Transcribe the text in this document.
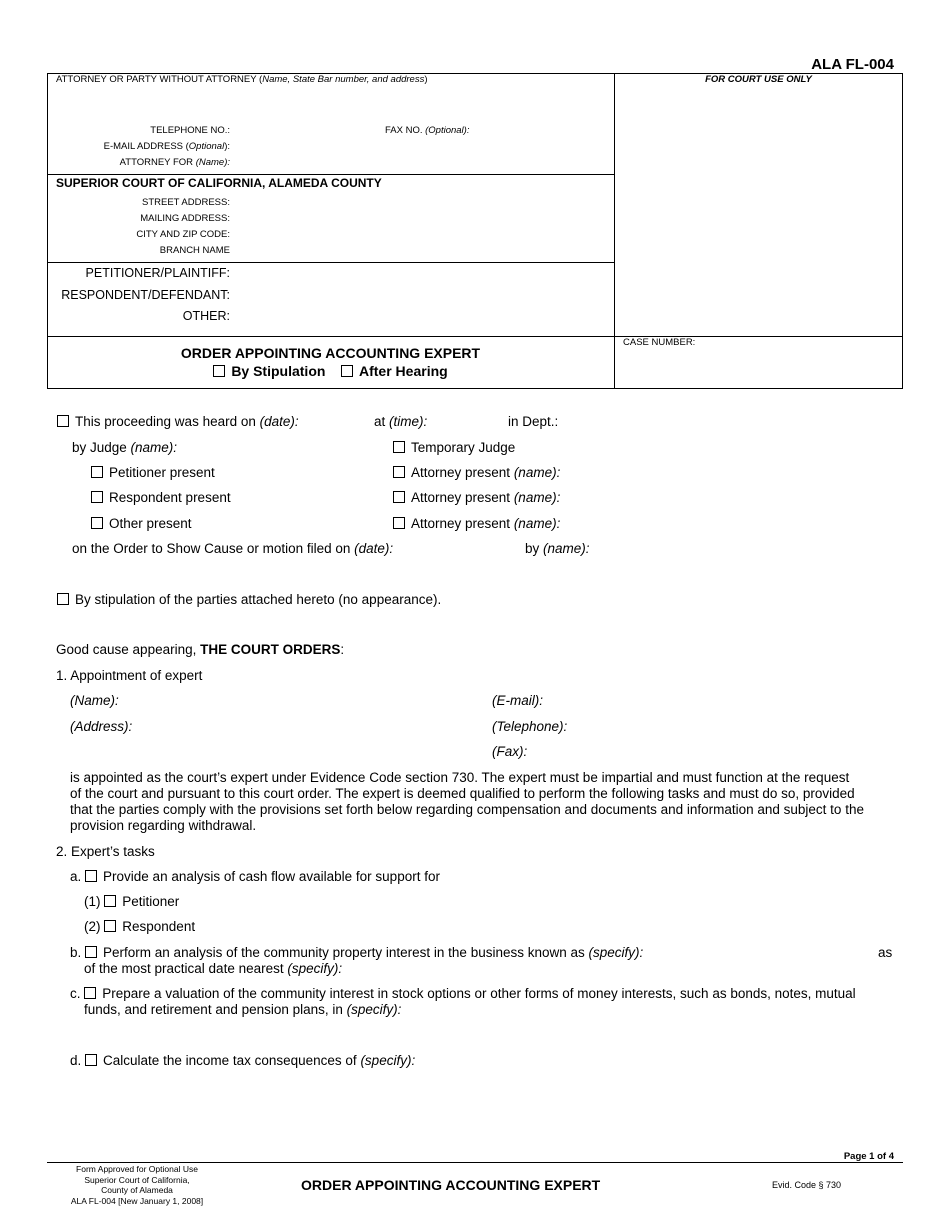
ALA FL-004
ATTORNEY OR PARTY WITHOUT ATTORNEY (Name, State Bar number, and address)	FOR COURT USE ONLY
TELEPHONE NO.:	FAX NO. (Optional):
E-MAIL ADDRESS (Optional):
ATTORNEY FOR (Name):
SUPERIOR COURT OF CALIFORNIA, ALAMEDA COUNTY
STREET ADDRESS:
MAILING ADDRESS:
CITY AND ZIP CODE:
BRANCH NAME
PETITIONER/PLAINTIFF:
RESPONDENT/DEFENDANT:
OTHER:
ORDER APPOINTING ACCOUNTING EXPERT
By Stipulation After Hearing
CASE NUMBER:
This proceeding was heard on (date):	at (time):	in Dept.:
by Judge (name):	Temporary Judge
Petitioner present	Attorney present (name):
Respondent present	Attorney present (name):
Other present	Attorney present (name):
on the Order to Show Cause or motion filed on (date):	by (name):
By stipulation of the parties attached hereto (no appearance).
Good cause appearing, THE COURT ORDERS:
1. Appointment of expert
(Name):	(E-mail):
(Address):	(Telephone):
(Fax):
is appointed as the court’s expert under Evidence Code section 730. The expert must be impartial and must function at the request
of the court and pursuant to this court order. The expert is deemed qualified to perform the following tasks and must do so, provided
that the parties comply with the provisions set forth below regarding compensation and documents and information and subject to the
provision regarding withdrawal.
2. Expert’s tasks
a. Provide an analysis of cash flow available for support for
(1) Petitioner
(2) Respondent
b. Perform an analysis of the community property interest in the business known as (specify):	as
of the most practical date nearest (specify):
c. Prepare a valuation of the community interest in stock options or other forms of money interests, such as bonds, notes, mutual
funds, and retirement and pension plans, in (specify):
d. Calculate the income tax consequences of (specify):
Page 1 of 4
Form Approved for Optional Use
Superior Court of California,
County of Alameda
ALA FL-004 [New January 1, 2008]
ORDER APPOINTING ACCOUNTING EXPERT	Evid. Code § 730
